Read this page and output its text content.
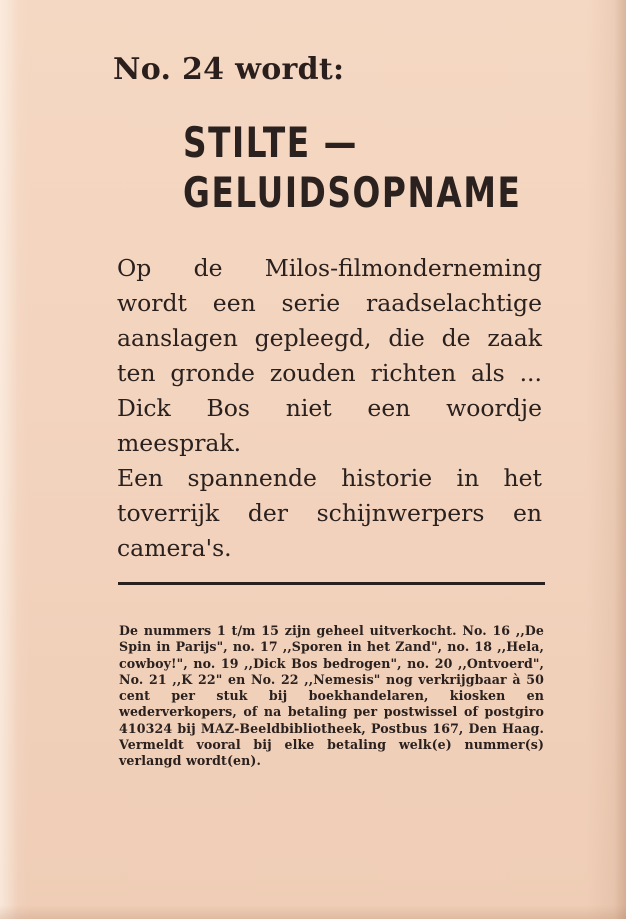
No. 24 wordt:
STILTE —
GELUIDSOPNAME

Op de Milos-filmonderneming wordt een serie raadselachtige aanslagen gepleegd, die de zaak ten gronde zouden richten als ... Dick Bos niet een woordje meesprak.

Een spannende historie in het toverrijk der schijnwerpers en camera's.

De nummers 1 t/m 15 zijn geheel uitverkocht. No. 16 ,,De Spin in Parijs", no. 17 ,,Sporen in het Zand", no. 18 ,,Hela, cowboy!", no. 19 ,,Dick Bos bedrogen", no. 20 ,,Ontvoerd", No. 21 ,,K 22" en No. 22 ,,Nemesis" nog verkrijgbaar à 50 cent per stuk bij boekhandelaren, kiosken en wederverkopers, of na betaling per postwissel of postgiro 410324 bij MAZ-Beeldbibliotheek, Postbus 167, Den Haag. Vermeldt vooral bij elke betaling welk(e) nummer(s) verlangd wordt(en).
